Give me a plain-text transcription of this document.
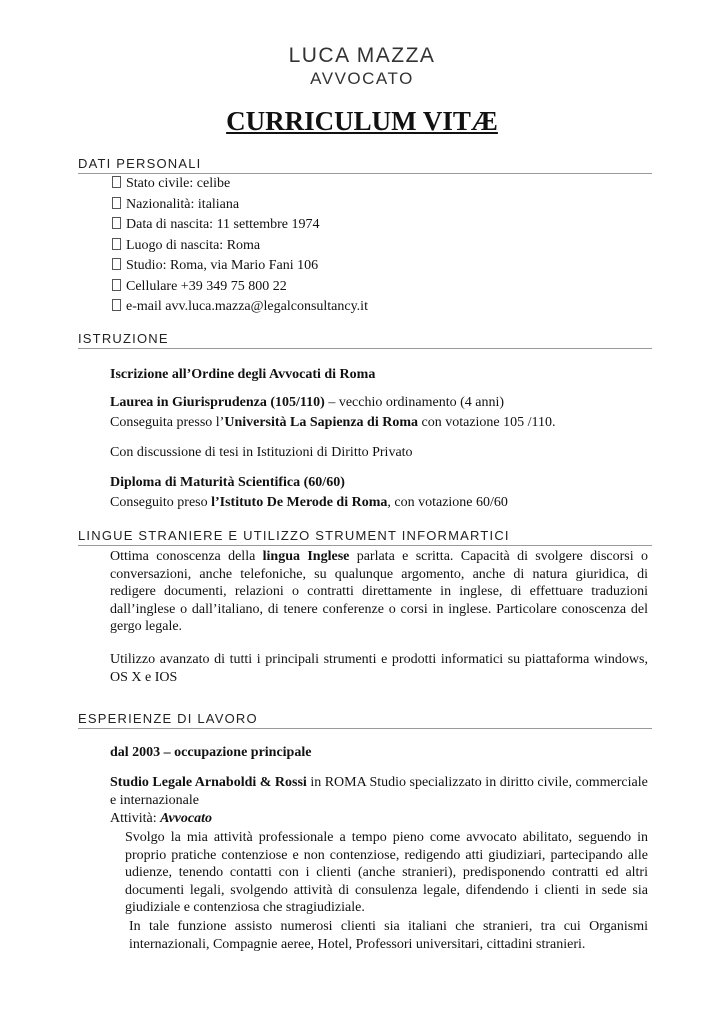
LUCA MAZZA
AVVOCATO
CURRICULUM VITÆ
DATI PERSONALI
Stato civile: celibe
Nazionalità: italiana
Data di nascita: 11 settembre 1974
Luogo di nascita: Roma
Studio: Roma, via Mario Fani 106
Cellulare +39 349 75 800 22
e-mail avv.luca.mazza@legalconsultancy.it
ISTRUZIONE
Iscrizione all’Ordine degli Avvocati di Roma
Laurea in Giurisprudenza (105/110) – vecchio ordinamento (4 anni)
Conseguita presso l’Università La Sapienza di Roma con votazione 105 /110.
Con discussione di tesi in Istituzioni di Diritto Privato
Diploma di Maturità Scientifica (60/60)
Conseguito preso l’Istituto De Merode di Roma, con votazione 60/60
LINGUE STRANIERE E UTILIZZO STRUMENT INFORMARTICI
Ottima conoscenza della lingua Inglese parlata e scritta. Capacità di svolgere discorsi o conversazioni, anche telefoniche, su qualunque argomento, anche di natura giuridica, di redigere documenti, relazioni o contratti direttamente in inglese, di effettuare traduzioni dall’inglese o dall’italiano, di tenere conferenze o corsi in inglese. Particolare conoscenza del gergo legale.
Utilizzo avanzato di tutti i principali strumenti e prodotti informatici su piattaforma windows, OS X e IOS
ESPERIENZE DI LAVORO
dal 2003 – occupazione principale
Studio Legale Arnaboldi & Rossi in ROMA Studio specializzato in diritto civile, commerciale e internazionale
Attività: Avvocato
Svolgo la mia attività professionale a tempo pieno come avvocato abilitato, seguendo in proprio pratiche contenziose e non contenziose, redigendo atti giudiziari, partecipando alle udienze, tenendo contatti con i clienti (anche stranieri), predisponendo contratti ed altri documenti legali, svolgendo attività di consulenza legale, difendendo i clienti in sede sia giudiziale e contenziosa che stragiudiziale.
In tale funzione assisto numerosi clienti sia italiani che stranieri, tra cui Organismi internazionali, Compagnie aeree, Hotel, Professori universitari, cittadini stranieri.
